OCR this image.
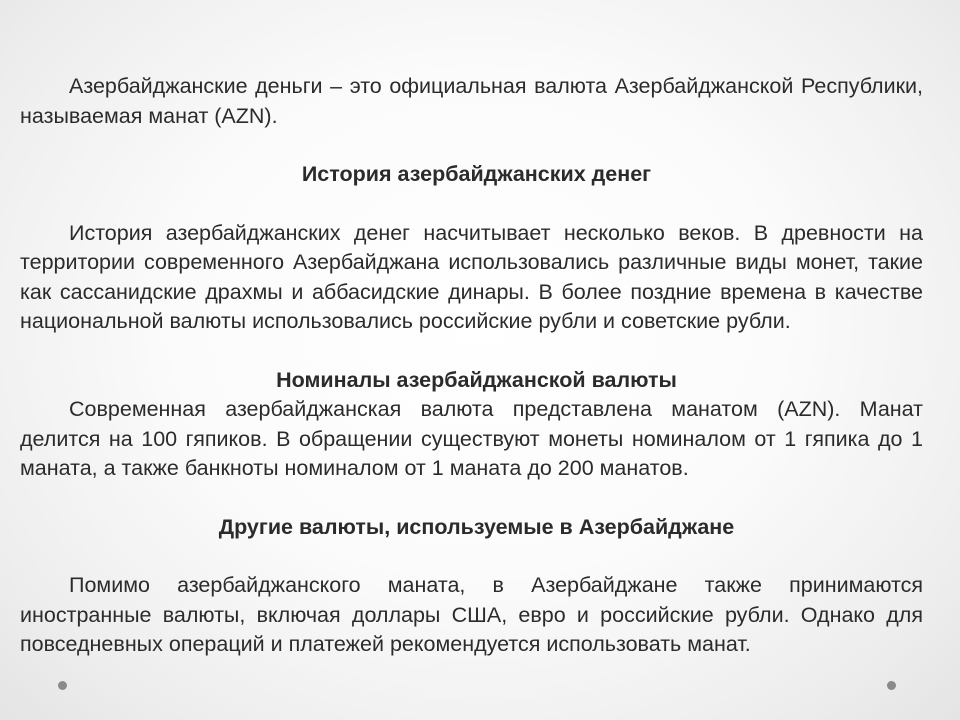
Азербайджанские деньги – это официальная валюта Азербайджанской Республики, называемая манат (AZN).

История азербайджанских денег

История азербайджанских денег насчитывает несколько веков. В древности на территории современного Азербайджана использовались различные виды монет, такие как сассанидские драхмы и аббасидские динары. В более поздние времена в качестве национальной валюты использовались российские рубли и советские рубли.

Номиналы азербайджанской валюты

Современная азербайджанская валюта представлена манатом (AZN). Манат делится на 100 гяпиков. В обращении существуют монеты номиналом от 1 гяпика до 1 маната, а также банкноты номиналом от 1 маната до 200 манатов.

Другие валюты, используемые в Азербайджане

Помимо азербайджанского маната, в Азербайджане также принимаются иностранные валюты, включая доллары США, евро и российские рубли. Однако для повседневных операций и платежей рекомендуется использовать манат.
